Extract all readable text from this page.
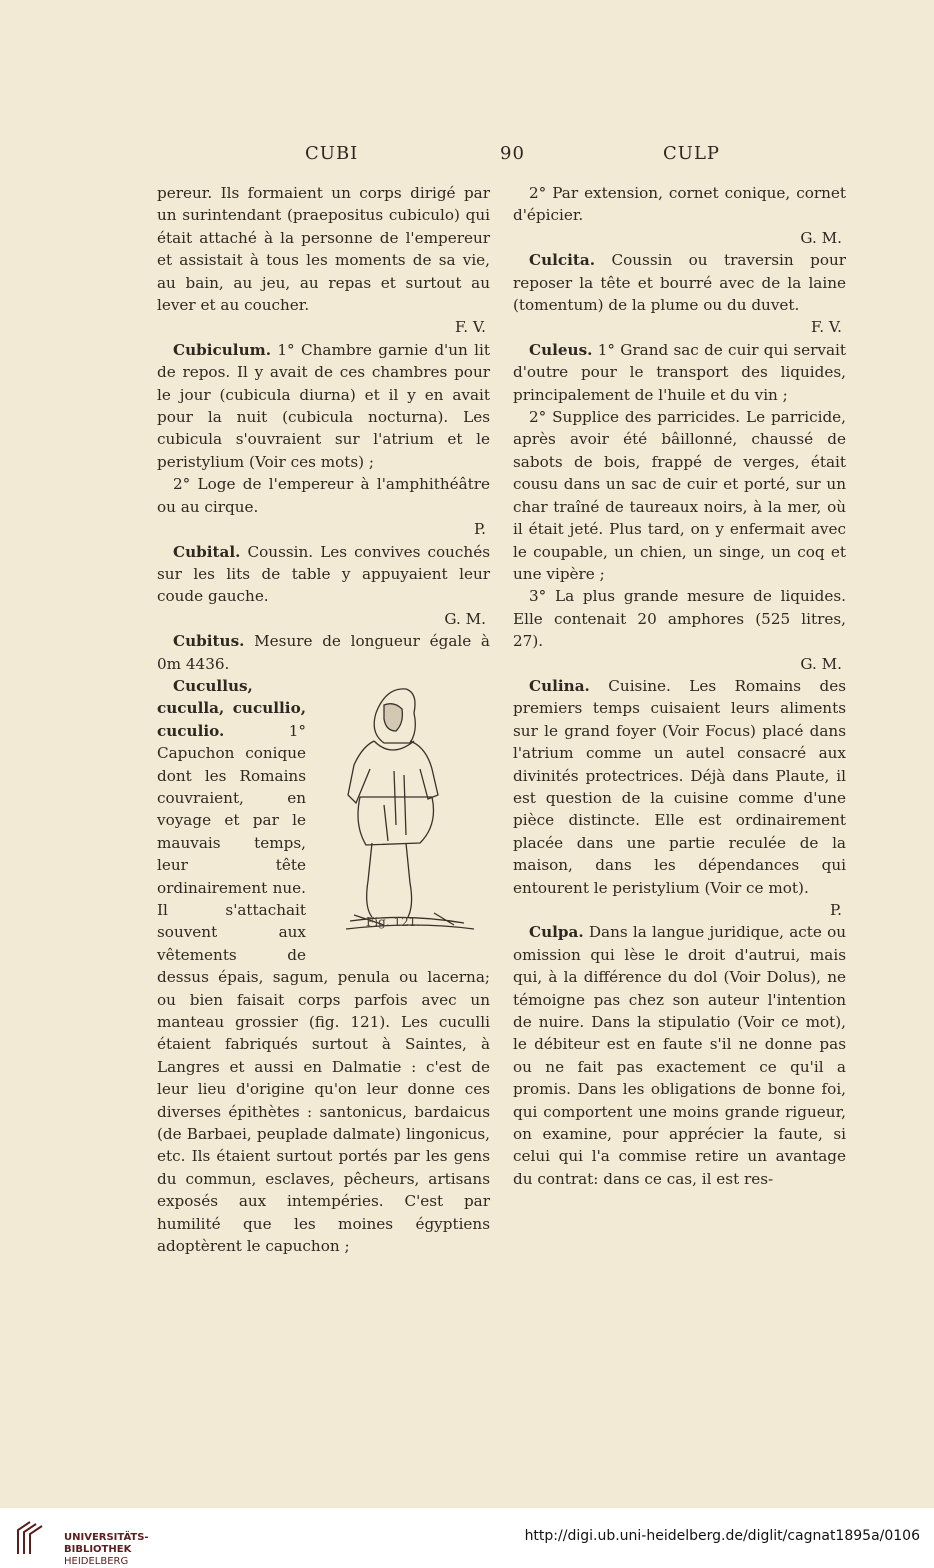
CUBI	90	CULP

pereur. Ils formaient un corps dirigé par un surintendant (praepositus cubiculo) qui était attaché à la personne de l'empereur et assistait à tous les moments de sa vie, au bain, au jeu, au repas et surtout au lever et au coucher.

F. V.

Cubiculum. 1° Chambre garnie d'un lit de repos. Il y avait de ces chambres pour le jour (cubicula diurna) et il y en avait pour la nuit (cubicula nocturna). Les cubicula s'ouvraient sur l'atrium et le peristylium (Voir ces mots) ;

2° Loge de l'empereur à l'amphithéâtre ou au cirque.

P.

Cubital. Coussin. Les convives couchés sur les lits de table y appuyaient leur coude gauche.

G. M.

Cubitus. Mesure de longueur égale à 0m 4436.

Fig. 121.

Cucullus, cuculla, cucullio, cuculio. 1° Capuchon conique dont les Romains couvraient, en voyage et par le mauvais temps, leur tête ordinairement nue. Il s'attachait souvent aux vêtements de dessus épais, sagum, penula ou lacerna; ou bien faisait corps parfois avec un manteau grossier (fig. 121). Les cuculli étaient fabriqués surtout à Saintes, à Langres et aussi en Dalmatie : c'est de leur lieu d'origine qu'on leur donne ces diverses épithètes : santonicus, bardaicus (de Barbaei, peuplade dalmate) lingonicus, etc. Ils étaient surtout portés par les gens du commun, esclaves, pêcheurs, artisans exposés aux intempéries. C'est par humilité que les moines égyptiens adoptèrent le capuchon ;

2° Par extension, cornet conique, cornet d'épicier.

G. M.

Culcita. Coussin ou traversin pour reposer la tête et bourré avec de la laine (tomentum) de la plume ou du duvet.

F. V.

Culeus. 1° Grand sac de cuir qui servait d'outre pour le transport des liquides, principalement de l'huile et du vin ;

2° Supplice des parricides. Le parricide, après avoir été bâillonné, chaussé de sabots de bois, frappé de verges, était cousu dans un sac de cuir et porté, sur un char traîné de taureaux noirs, à la mer, où il était jeté. Plus tard, on y enfermait avec le coupable, un chien, un singe, un coq et une vipère ;

3° La plus grande mesure de liquides. Elle contenait 20 amphores (525 litres, 27).

G. M.

Culina. Cuisine. Les Romains des premiers temps cuisaient leurs aliments sur le grand foyer (Voir Focus) placé dans l'atrium comme un autel consacré aux divinités protectrices. Déjà dans Plaute, il est question de la cuisine comme d'une pièce distincte. Elle est ordinairement placée dans une partie reculée de la maison, dans les dépendances qui entourent le peristylium (Voir ce mot).

P.

Culpa. Dans la langue juridique, acte ou omission qui lèse le droit d'autrui, mais qui, à la différence du dol (Voir Dolus), ne témoigne pas chez son auteur l'intention de nuire. Dans la stipulatio (Voir ce mot), le débiteur est en faute s'il ne donne pas ou ne fait pas exactement ce qu'il a promis. Dans les obligations de bonne foi, qui comportent une moins grande rigueur, on examine, pour apprécier la faute, si celui qui l'a commise retire un avantage du contrat: dans ce cas, il est res-

UNIVERSITÄTS-
BIBLIOTHEK
HEIDELBERG
http://digi.ub.uni-heidelberg.de/diglit/cagnat1895a/0106
